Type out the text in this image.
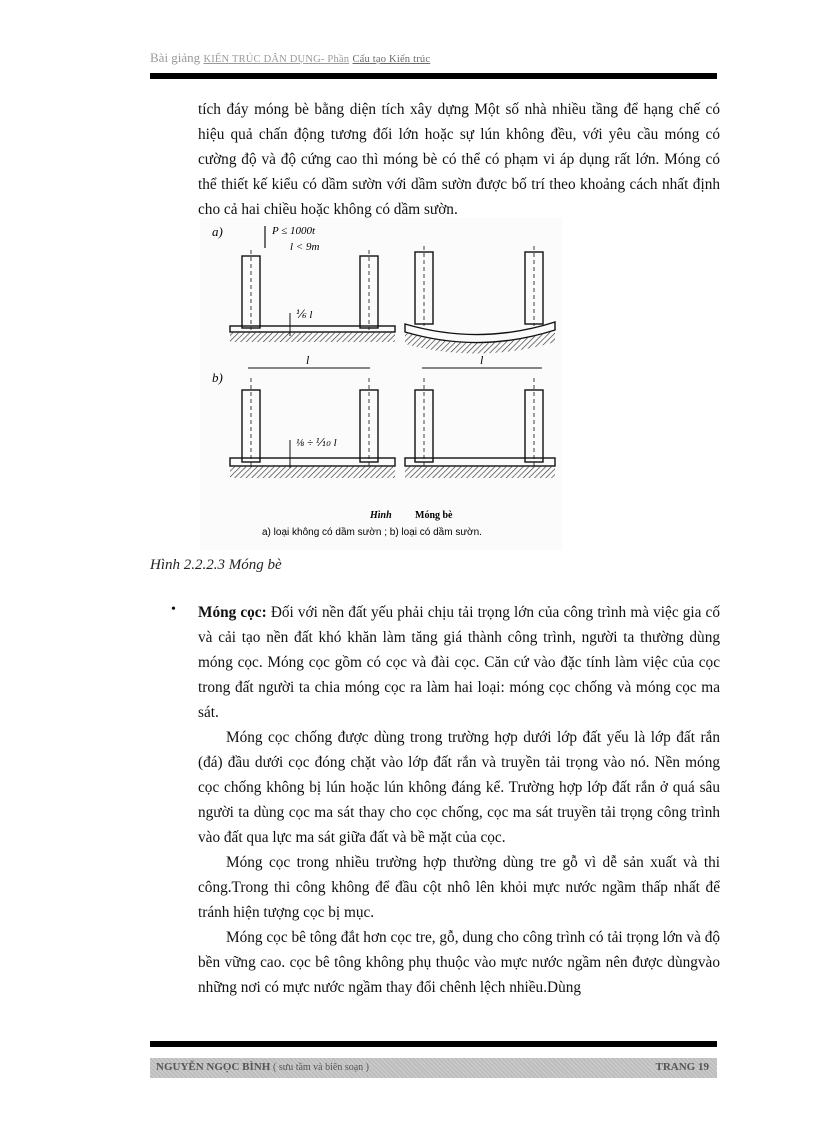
Bài giảng KIẾN TRÚC DÂN DỤNG- Phần Cấu tạo Kiến trúc

tích đáy móng bè bằng diện tích xây dựng Một số nhà nhiều tầng để hạng chế có hiệu quả chấn động tương đối lớn hoặc sự lún không đều, với yêu cầu móng có cường độ và độ cứng cao thì móng bè có thể có phạm vi áp dụng rất lớn. Móng có thể thiết kế kiểu có dầm sườn với dầm sườn được bố trí theo khoảng cách nhất định cho cả hai chiều hoặc không có dầm sườn.

a)	P ≤ 1000t
l < 9m
⅙ l
b)
l	l
⅛ ÷ ⅒ l
Hình Móng bè
a) loại không có dầm sườn ; b) loại có dầm sườn.
Hình 2.2.2.3 Móng bè
• Móng cọc: Đối với nền đất yếu phải chịu tải trọng lớn của công trình mà việc gia cố và cải tạo nền đất khó khăn làm tăng giá thành công trình, người ta thường dùng móng cọc. Móng cọc gồm có cọc và đài cọc. Căn cứ vào đặc tính làm việc của cọc trong đất người ta chia móng cọc ra làm hai loại: móng cọc chống và móng cọc ma sát.

Móng cọc chống được dùng trong trường hợp dưới lớp đất yếu là lớp đất rắn (đá) đầu dưới cọc đóng chặt vào lớp đất rắn và truyền tải trọng vào nó. Nền móng cọc chống không bị lún hoặc lún không đáng kể. Trường hợp lớp đất rắn ở quá sâu người ta dùng cọc ma sát thay cho cọc chống, cọc ma sát truyền tải trọng công trình vào đất qua lực ma sát giữa đất và bề mặt của cọc.

Móng cọc trong nhiều trường hợp thường dùng tre gỗ vì dễ sản xuất và thi công.Trong thi công không để đầu cột nhô lên khỏi mực nước ngầm thấp nhất để tránh hiện tượng cọc bị mục.

Móng cọc bê tông đắt hơn cọc tre, gỗ, dung cho công trình có tải trọng lớn và độ bền vững cao. cọc bê tông không phụ thuộc vào mực nước ngầm nên được dùngvào những nơi có mực nước ngầm thay đổi chênh lệch nhiều.Dùng

NGUYỄN NGỌC BÌNH ( sưu tầm và biên soạn )	TRANG 19
